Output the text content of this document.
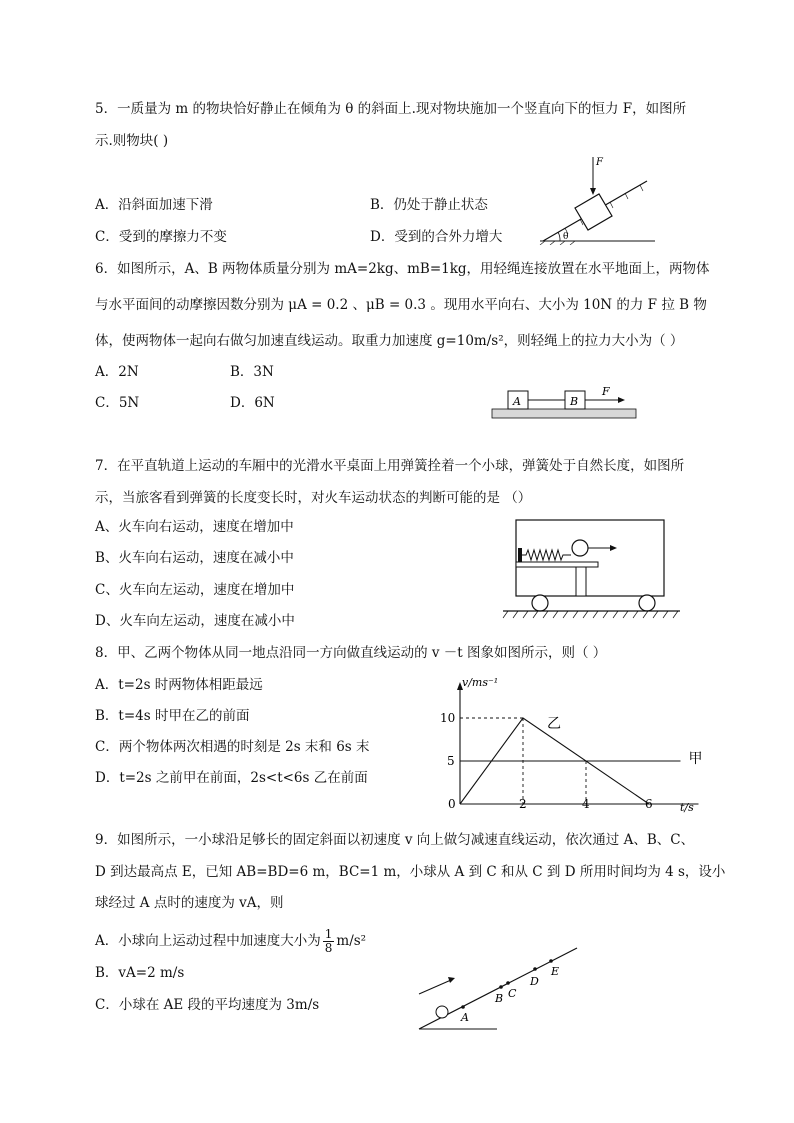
5．一质量为 m 的物块恰好静止在倾角为 θ 的斜面上.现对物块施加一个竖直向下的恒力 F，如图所
示.则物块( )
A．沿斜面加速下滑	B．仍处于静止状态
C．受到的摩擦力不变	D．受到的合外力增大
F
θ
6．如图所示，A、B 两物体质量分别为 mA=2kg、mB=1kg，用轻绳连接放置在水平地面上，两物体
与水平面间的动摩擦因数分别为 μA = 0.2 、μB = 0.3 。现用水平向右、大小为 10N 的力 F 拉 B 物
体，使两物体一起向右做匀加速直线运动。取重力加速度 g=10m/s²，则轻绳上的拉力大小为（ ）
A．2N	B．3N
C．5N	D．6N	A	B
F
7．在平直轨道上运动的车厢中的光滑水平桌面上用弹簧拴着一个小球，弹簧处于自然长度，如图所
示，当旅客看到弹簧的长度变长时，对火车运动状态的判断可能的是 （）
A、火车向右运动，速度在增加中
B、火车向右运动，速度在减小中
C、火车向左运动，速度在增加中
D、火车向左运动，速度在减小中
8．甲、乙两个物体从同一地点沿同一方向做直线运动的 v －t 图象如图所示，则（ ）
A．t=2s 时两物体相距最远
B．t=4s 时甲在乙的前面
C．两个物体两次相遇的时刻是 2s 末和 6s 末
D．t=2s 之前甲在前面，2s<t<6s 乙在前面
v/ms⁻¹
t/s
0	2	4	6
5
10
甲
乙
9．如图所示，一小球沿足够长的固定斜面以初速度 v 向上做匀减速直线运动，依次通过 A、B、C、
D 到达最高点 E，已知 AB=BD=6 m，BC=1 m，小球从 A 到 C 和从 C 到 D 所用时间均为 4 s，设小
球经过 A 点时的速度为 vA，则
A．小球向上运动过程中加速度大小为 $\frac{1}{8} m/s^2$
B．vA=2 m/s
C．小球在 AE 段的平均速度为 3m/s
A
B C
D
E
